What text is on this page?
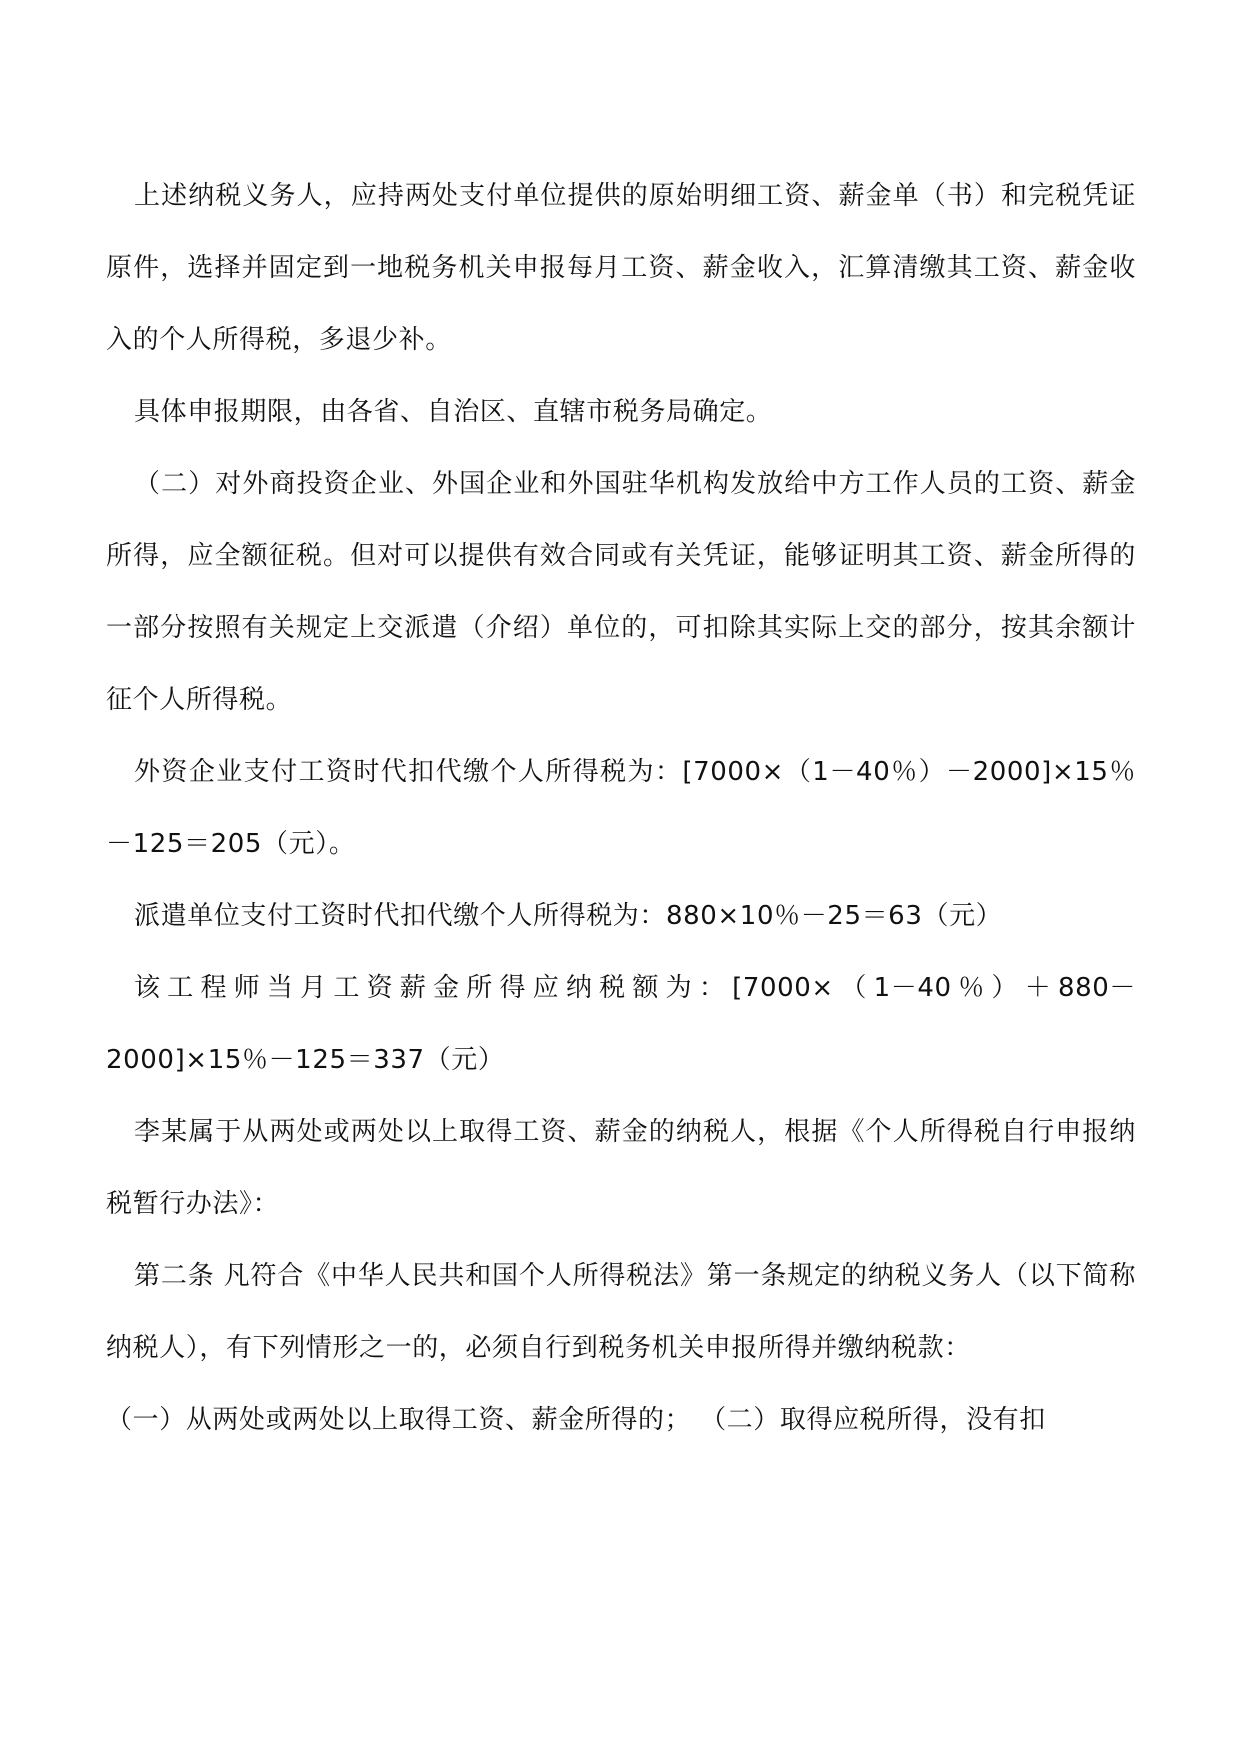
上述纳税义务人，应持两处支付单位提供的原始明细工资、薪金单（书）和完税凭证原件，选择并固定到一地税务机关申报每月工资、薪金收入，汇算清缴其工资、薪金收入的个人所得税，多退少补。

具体申报期限，由各省、自治区、直辖市税务局确定。

（二）对外商投资企业、外国企业和外国驻华机构发放给中方工作人员的工资、薪金所得，应全额征税。但对可以提供有效合同或有关凭证，能够证明其工资、薪金所得的一部分按照有关规定上交派遣（介绍）单位的，可扣除其实际上交的部分，按其余额计征个人所得税。

外资企业支付工资时代扣代缴个人所得税为：[7000×（1－40％）－2000]×15％－125＝205（元）。

派遣单位支付工资时代扣代缴个人所得税为：880×10％－25＝63（元）

该工程师当月工资薪金所得应纳税额为：[7000×（1－40％）＋880－2000]×15％－125＝337（元）

李某属于从两处或两处以上取得工资、薪金的纳税人，根据《个人所得税自行申报纳税暂行办法》：

第二条 凡符合《中华人民共和国个人所得税法》第一条规定的纳税义务人（以下简称纳税人），有下列情形之一的，必须自行到税务机关申报所得并缴纳税款：

（一）从两处或两处以上取得工资、薪金所得的； （二）取得应税所得，没有扣
